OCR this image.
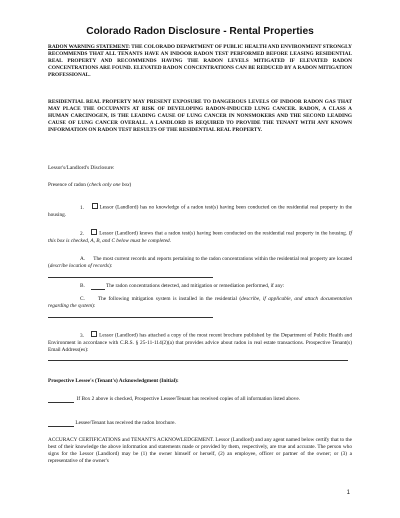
Colorado Radon Disclosure - Rental Properties

RADON WARNING STATEMENT: THE COLORADO DEPARTMENT OF PUBLIC HEALTH AND ENVIRONMENT STRONGLY RECOMMENDS THAT ALL TENANTS HAVE AN INDOOR RADON TEST PERFORMED BEFORE LEASING RESIDENTIAL REAL PROPERTY AND RECOMMENDS HAVING THE RADON LEVELS MITIGATED IF ELEVATED RADON CONCENTRATIONS ARE FOUND. ELEVATED RADON CONCENTRATIONS CAN BE REDUCED BY A RADON MITIGATION PROFESSIONAL.

RESIDENTIAL REAL PROPERTY MAY PRESENT EXPOSURE TO DANGEROUS LEVELS OF INDOOR RADON GAS THAT MAY PLACE THE OCCUPANTS AT RISK OF DEVELOPING RADON-INDUCED LUNG CANCER. RADON, A CLASS A HUMAN CARCINOGEN, IS THE LEADING CAUSE OF LUNG CANCER IN NONSMOKERS AND THE SECOND LEADING CAUSE OF LUNG CANCER OVERALL. A LANDLORD IS REQUIRED TO PROVIDE THE TENANT WITH ANY KNOWN INFORMATION ON RADON TEST RESULTS OF THE RESIDENTIAL REAL PROPERTY.

Lessor's/Landlord's Disclosure:

Presence of radon (check only one box)

1.	Lessor (Landlord) has no knowledge of a radon test(s) having been conducted on the residential real property in the housing.

2.	Lessor (Landlord) knows that a radon test(s) having been conducted on the residential real property in the housing. If this box is checked, A, B, and C below must be completed.

A. The most current records and reports pertaining to the radon concentrations within the residential real property are located (describe location of records):

B.	The radon concentrations detected, and mitigation or remediation performed, if any:

C. The following mitigation system is installed in the residential (describe, if applicable, and attach documentation regarding the system):

3.	Lessor (Landlord) has attached a copy of the most recent brochure published by the Department of Public Health and Environment in accordance with C.R.S. § 25-11-114(2)(a) that provides advice about radon in real estate transactions. Prospective Tenant(s) Email Address(es):

Prospective Lessee's (Tenant's) Acknowledgment (Initial):

If Box 2 above is checked, Prospective Lessee/Tenant has received copies of all information listed above.

Lessee/Tenant has received the radon brochure.

ACCURACY CERTIFICATIONS and TENANT'S ACKNOWLEDGEMENT. Lessor (Landlord) and any agent named below certify that to the best of their knowledge the above information and statements made or provided by them, respectively, are true and accurate. The person who signs for the Lessor (Landlord) may be (1) the owner himself or herself, (2) an employee, officer or partner of the owner; or (3) a representative of the owner's

1
